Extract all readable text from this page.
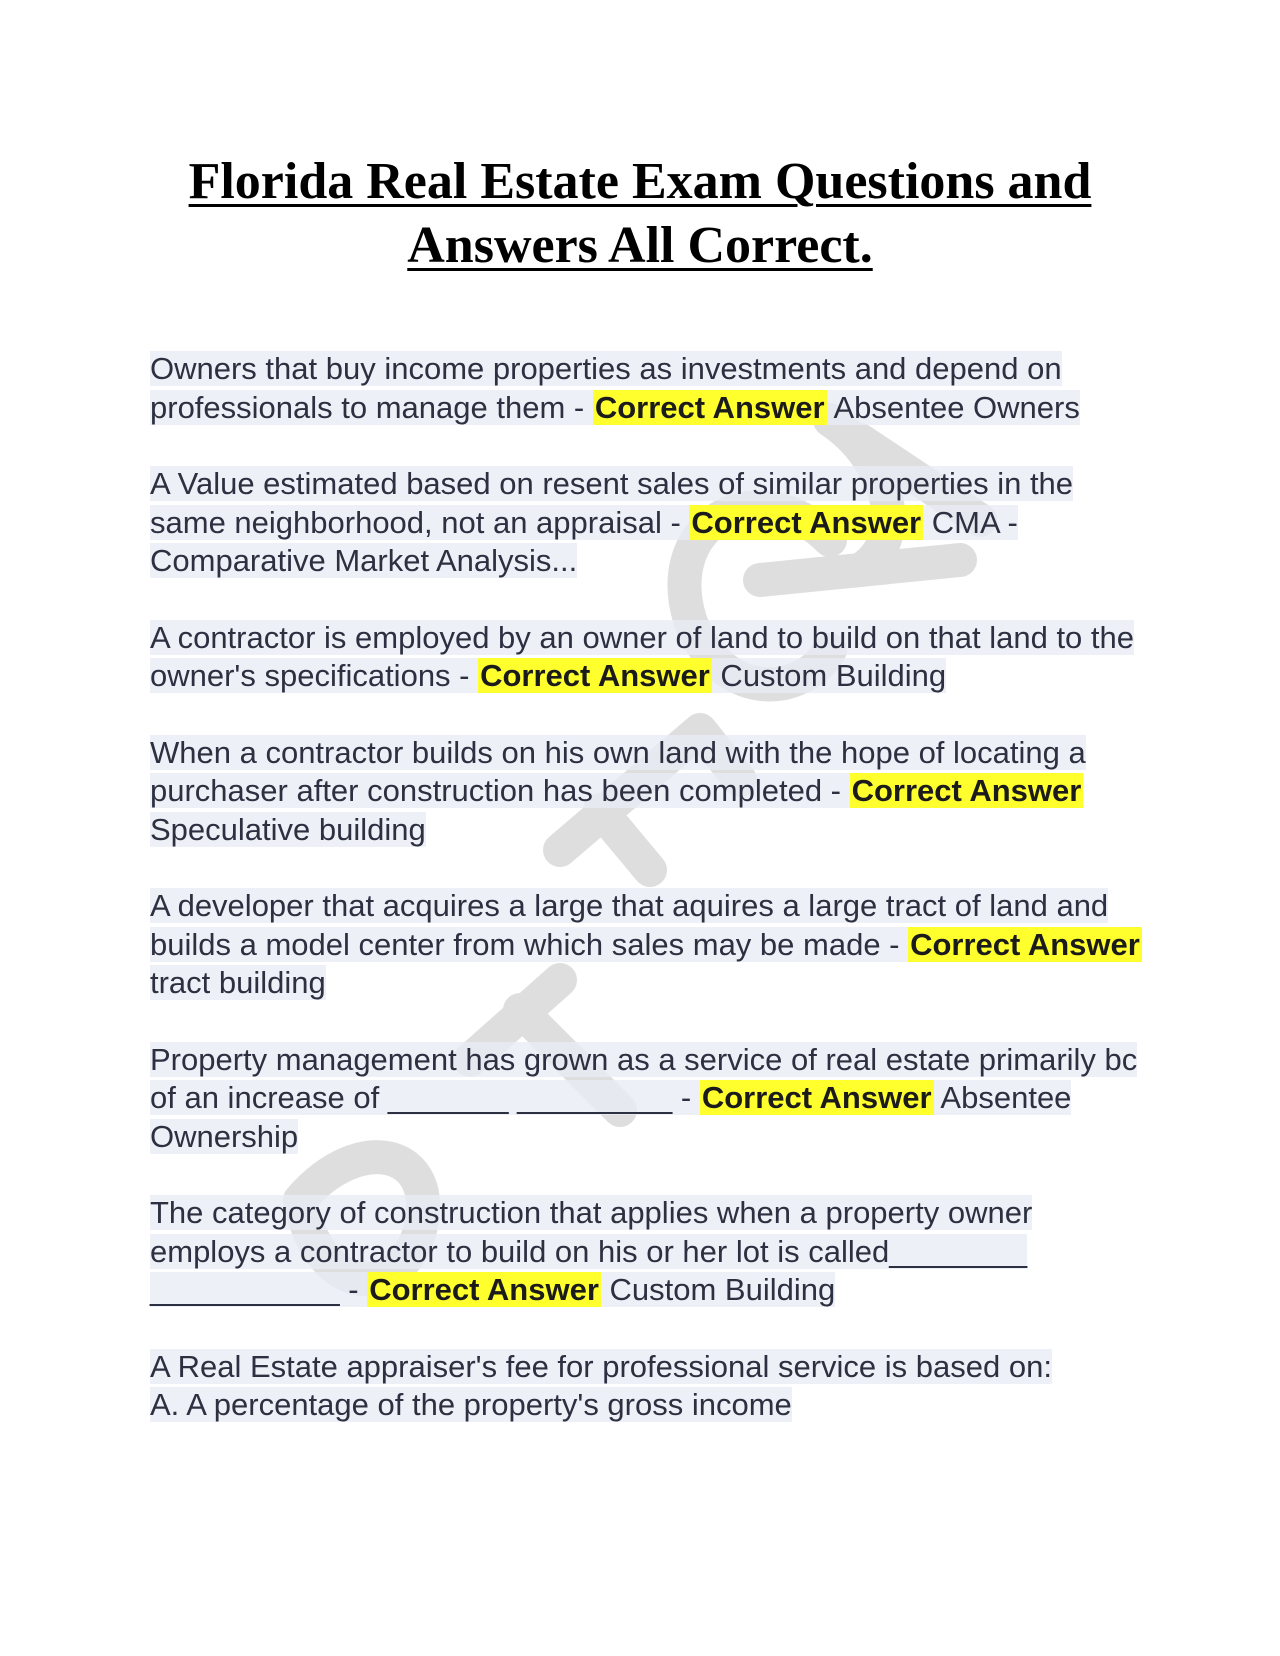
Florida Real Estate Exam Questions and Answers All Correct.

Owners that buy income properties as investments and depend on professionals to manage them - Correct Answer Absentee Owners

A Value estimated based on resent sales of similar properties in the same neighborhood, not an appraisal - Correct Answer CMA -Comparative Market Analysis...

A contractor is employed by an owner of land to build on that land to the owner's specifications - Correct Answer Custom Building

When a contractor builds on his own land with the hope of locating a purchaser after construction has been completed - Correct Answer Speculative building

A developer that acquires a large that aquires a large tract of land and builds a model center from which sales may be made - Correct Answer tract building

Property management has grown as a service of real estate primarily bc of an increase of _______ _________ - Correct Answer Absentee Ownership

The category of construction that applies when a property owner employs a contractor to build on his or her lot is called________ ___________ - Correct Answer Custom Building

A Real Estate appraiser's fee for professional service is based on:
A. A percentage of the property's gross income
